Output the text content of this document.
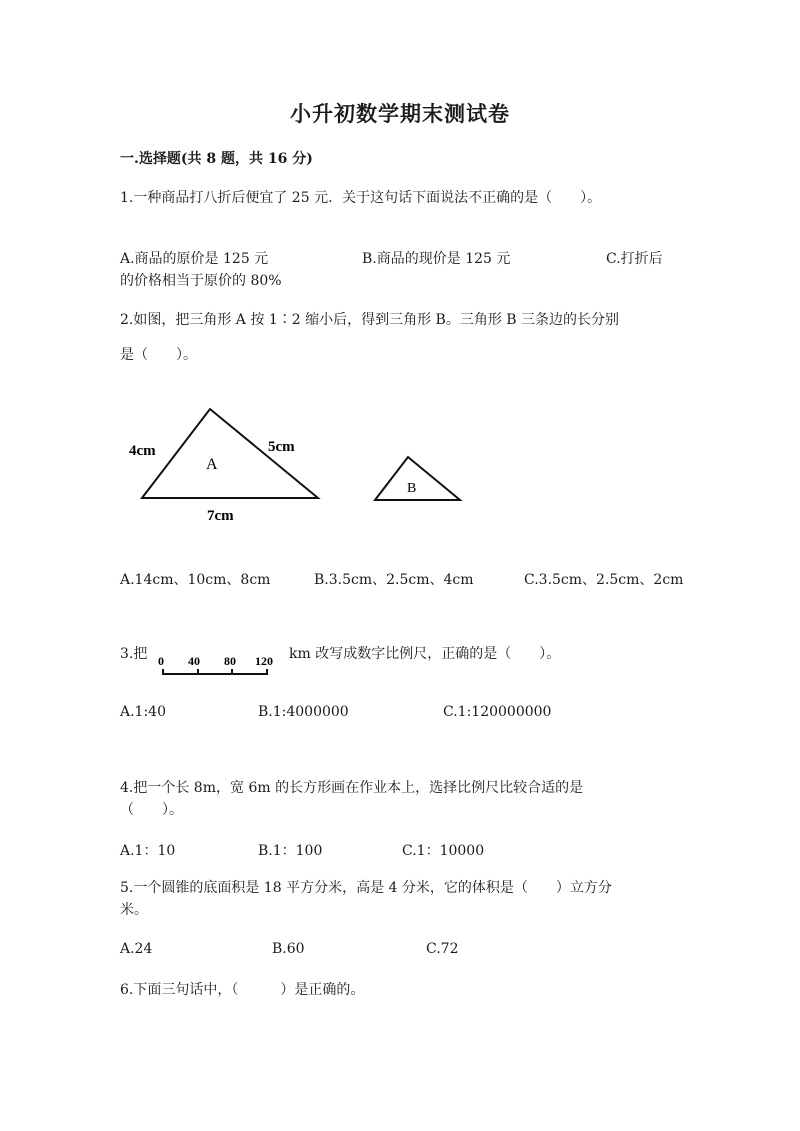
小升初数学期末测试卷
一.选择题(共 8 题，共 16 分)
1.一种商品打八折后便宜了 25 元．关于这句话下面说法不正确的是（　　）。
A.商品的原价是 125 元	B.商品的现价是 125 元	C.打折后
的价格相当于原价的 80%
2.如图，把三角形 A 按 1∶2 缩小后，得到三角形 B。三角形 B 三条边的长分别
是（　　）。
4cm	5cm
A
7cm
B
A.14cm、10cm、8cm	B.3.5cm、2.5cm、4cm	C.3.5cm、2.5cm、2cm
3.把 0 40 80 120 km 改写成数字比例尺，正确的是（　　）。
A.1:40	B.1:4000000	C.1:120000000
4.把一个长 8m，宽 6m 的长方形画在作业本上，选择比例尺比较合适的是
（　　）。
A.1：10	B.1：100	C.1：10000
5.一个圆锥的底面积是 18 平方分米，高是 4 分米，它的体积是（　　）立方分
米。
A.24	B.60	C.72
6.下面三句话中，（　　　）是正确的。
